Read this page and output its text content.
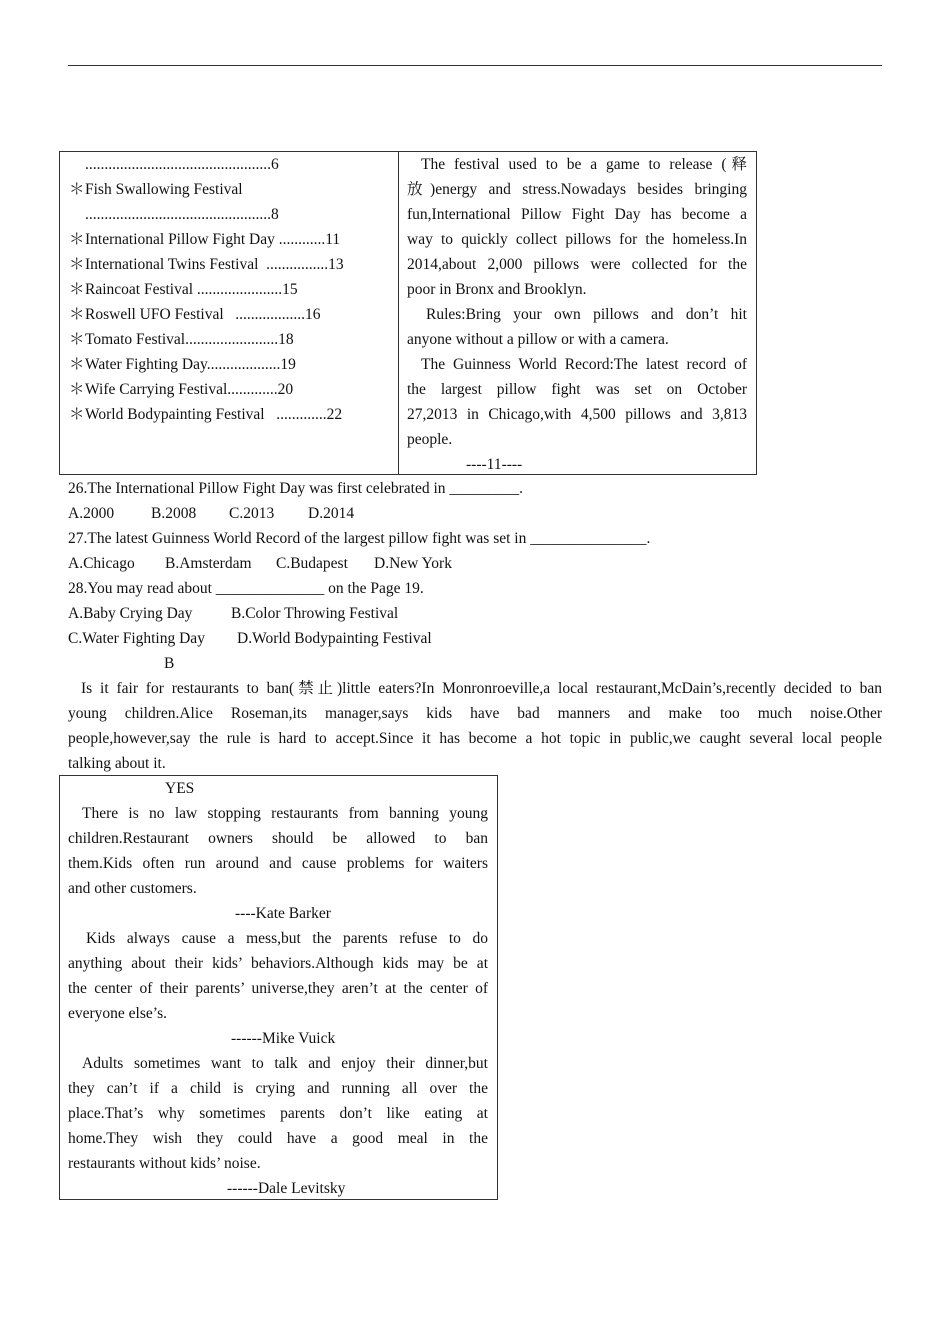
................................................6
＊Fish Swallowing Festival
................................................8
＊International Pillow Fight Day ............11
＊International Twins Festival  ................13
＊Raincoat Festival ......................15
＊Roswell UFO Festival   ..................16
＊Tomato Festival........................18
＊Water Fighting Day...................19
＊Wife Carrying Festival.............20
＊World Bodypainting Festival   .............22
The festival used to be a game to release (释
放)energy and stress.Nowadays besides bringing
fun,International Pillow Fight Day has become a
way to quickly collect pillows for the homeless.In
2014,about 2,000 pillows were collected for the
poor in Bronx and Brooklyn.
Rules:Bring your own pillows and don’t hit
anyone without a pillow or with a camera.
The Guinness World Record:The latest record of
the largest pillow fight was set on October
27,2013 in Chicago,with 4,500 pillows and 3,813
people.
----11----
26.The International Pillow Fight Day was first celebrated in _________.
A.2000 B.2008 C.2013 D.2014
27.The latest Guinness World Record of the largest pillow fight was set in _______________.
A.Chicago B.Amsterdam C.Budapest D.New York
28.You may read about ______________ on the Page 19.
A.Baby Crying Day B.Color Throwing Festival
C.Water Fighting Day D.World Bodypainting Festival
B
Is it fair for restaurants to ban(禁止)little eaters?In Monronroeville,a local restaurant,McDain’s,recently decided to ban
young children.Alice Roseman,its manager,says kids have bad manners and make too much noise.Other
people,however,say the rule is hard to accept.Since it has become a hot topic in public,we caught several local people
talking about it.
YES
There is no law stopping restaurants from banning young
children.Restaurant owners should be allowed to ban
them.Kids often run around and cause problems for waiters
and other customers.
----Kate Barker
Kids always cause a mess,but the parents refuse to do
anything about their kids’ behaviors.Although kids may be at
the center of their parents’ universe,they aren’t at the center of
everyone else’s.
------Mike Vuick
Adults sometimes want to talk and enjoy their dinner,but
they can’t if a child is crying and running all over the
place.That’s why sometimes parents don’t like eating at
home.They wish they could have a good meal in the
restaurants without kids’ noise.
------Dale Levitsky
